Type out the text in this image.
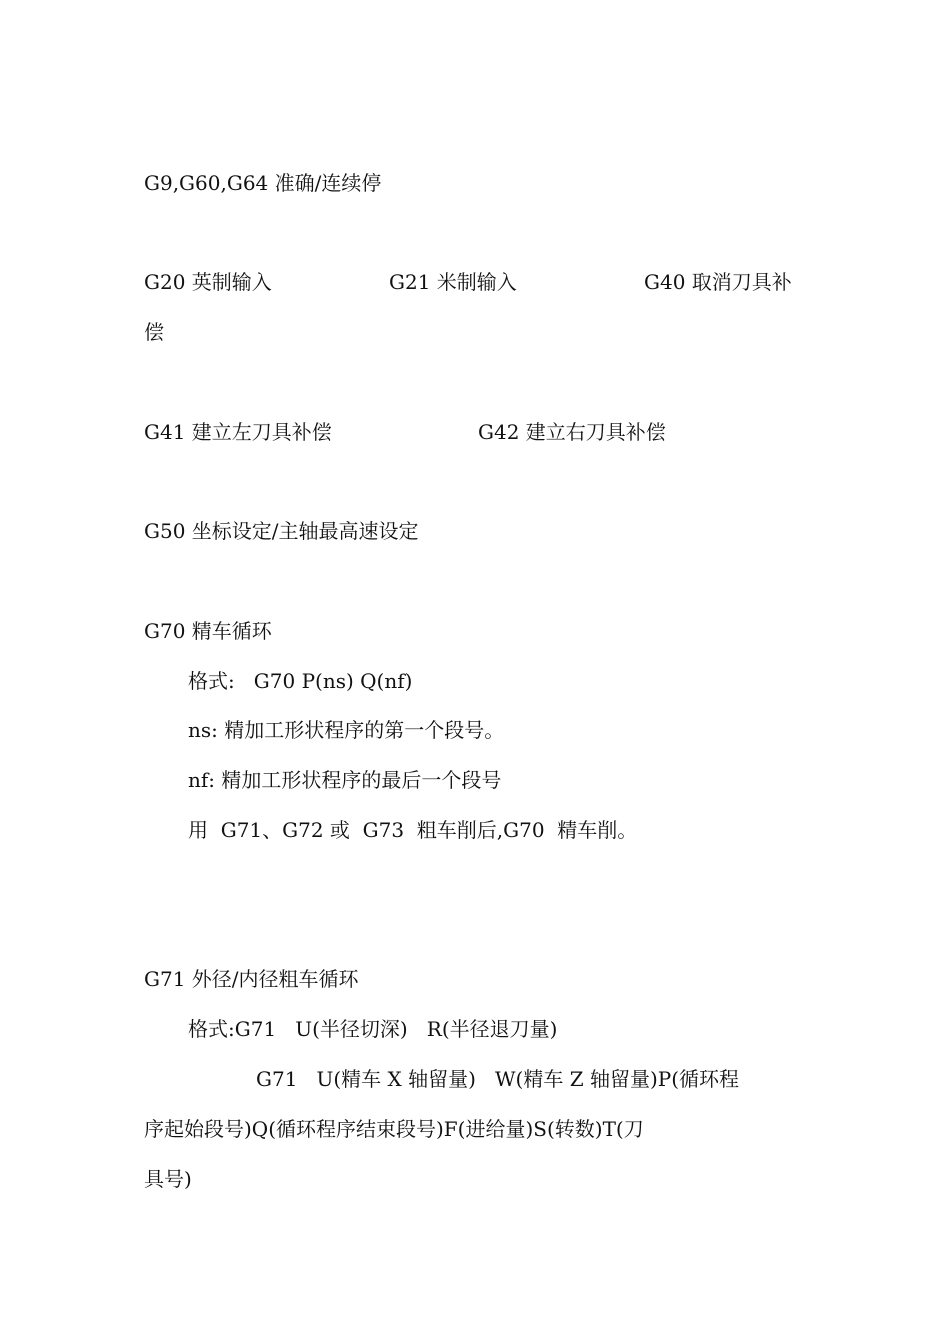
G9,G60,G64 准确/连续停

G20 英制输入	G21 米制输入	G40 取消刀具补

偿

G41 建立左刀具补偿	G42 建立右刀具补偿

G50 坐标设定/主轴最高速设定

G70 精车循环

格式:   G70 P(ns) Q(nf)

ns: 精加工形状程序的第一个段号。

nf: 精加工形状程序的最后一个段号

用  G71、G72 或  G73  粗车削后,G70  精车削。

G71 外径/内径粗车循环

格式:G71   U(半径切深)   R(半径退刀量)

G71   U(精车 X 轴留量)   W(精车 Z 轴留量)P(循环程

序起始段号)Q(循环程序结束段号)F(进给量)S(转数)T(刀

具号)
